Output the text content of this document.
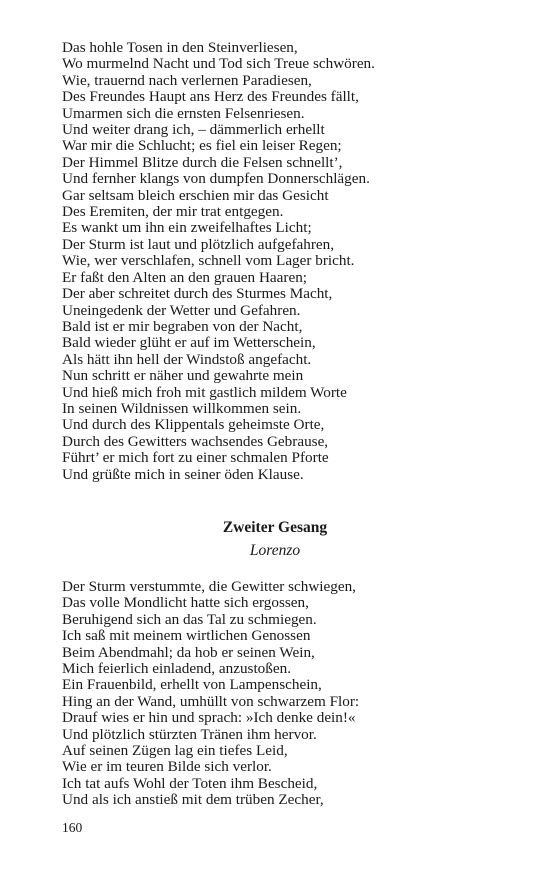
Das hohle Tosen in den Steinverliesen,
Wo murmelnd Nacht und Tod sich Treue schwören.
Wie, trauernd nach verlernen Paradiesen,
Des Freundes Haupt ans Herz des Freundes fällt,
Umarmen sich die ernsten Felsenriesen.
Und weiter drang ich, – dämmerlich erhellt
War mir die Schlucht; es fiel ein leiser Regen;
Der Himmel Blitze durch die Felsen schnellt’,
Und fernher klangs von dumpfen Donnerschlägen.
Gar seltsam bleich erschien mir das Gesicht
Des Eremiten, der mir trat entgegen.
Es wankt um ihn ein zweifelhaftes Licht;
Der Sturm ist laut und plötzlich aufgefahren,
Wie, wer verschlafen, schnell vom Lager bricht.
Er faßt den Alten an den grauen Haaren;
Der aber schreitet durch des Sturmes Macht,
Uneingedenk der Wetter und Gefahren.
Bald ist er mir begraben von der Nacht,
Bald wieder glüht er auf im Wetterschein,
Als hätt ihn hell der Windstoß angefacht.
Nun schritt er näher und gewahrte mein
Und hieß mich froh mit gastlich mildem Worte
In seinen Wildnissen willkommen sein.
Und durch des Klippentals geheimste Orte,
Durch des Gewitters wachsendes Gebrause,
Führt’ er mich fort zu einer schmalen Pforte
Und grüßte mich in seiner öden Klause.
Zweiter Gesang
Lorenzo
Der Sturm verstummte, die Gewitter schwiegen,
Das volle Mondlicht hatte sich ergossen,
Beruhigend sich an das Tal zu schmiegen.
Ich saß mit meinem wirtlichen Genossen
Beim Abendmahl; da hob er seinen Wein,
Mich feierlich einladend, anzustoßen.
Ein Frauenbild, erhellt von Lampenschein,
Hing an der Wand, umhüllt von schwarzem Flor:
Drauf wies er hin und sprach: »Ich denke dein!«
Und plötzlich stürzten Tränen ihm hervor.
Auf seinen Zügen lag ein tiefes Leid,
Wie er im teuren Bilde sich verlor.
Ich tat aufs Wohl der Toten ihm Bescheid,
Und als ich anstieß mit dem trüben Zecher,
160
